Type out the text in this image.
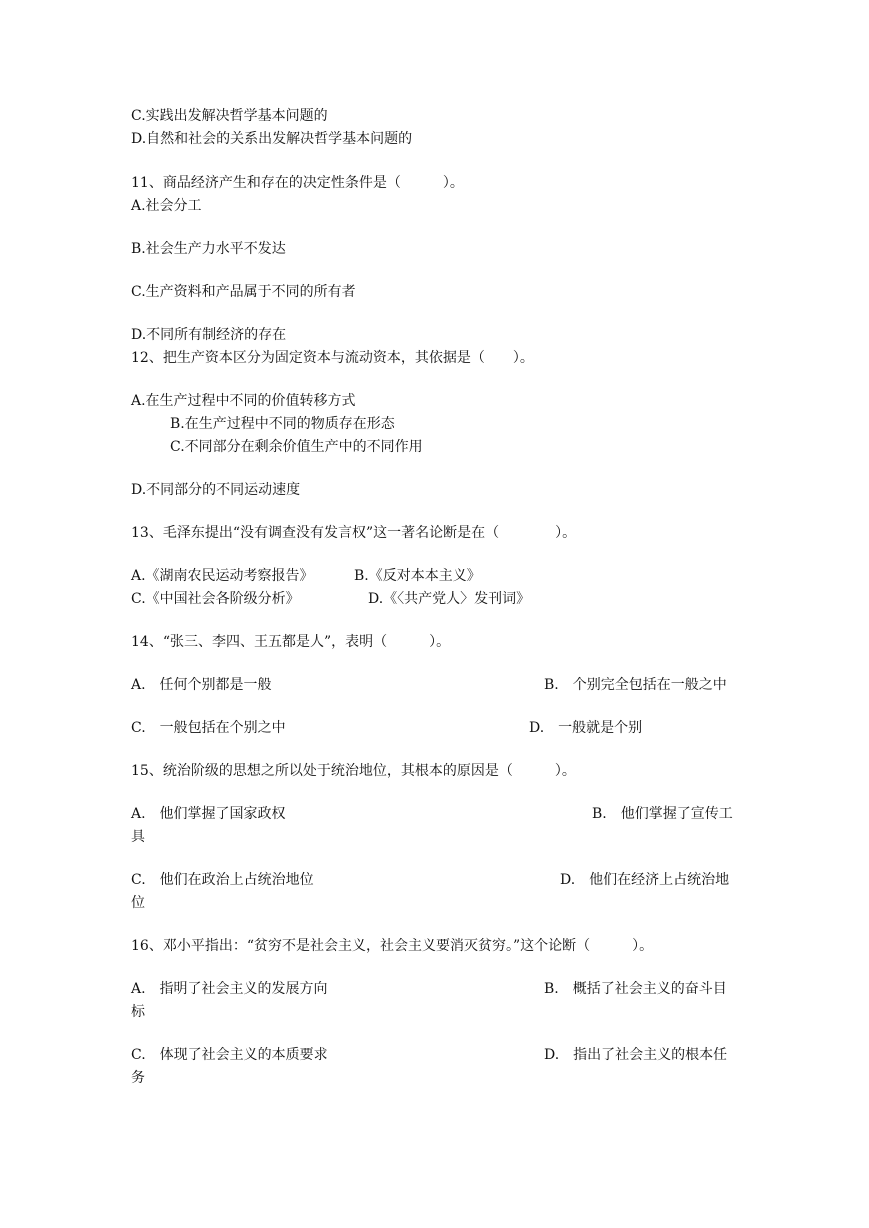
C.实践出发解决哲学基本问题的
D.自然和社会的关系出发解决哲学基本问题的
11、商品经济产生和存在的决定性条件是（　　　）。
A.社会分工
B.社会生产力水平不发达
C.生产资料和产品属于不同的所有者
D.不同所有制经济的存在
12、把生产资本区分为固定资本与流动资本，其依据是（　　）。
A.在生产过程中不同的价值转移方式
B.在生产过程中不同的物质存在形态
C.不同部分在剩余价值生产中的不同作用
D.不同部分的不同运动速度
13、毛泽东提出“没有调查没有发言权”这一著名论断是在（　　　　）。
A.《湖南农民运动考察报告》	B.《反对本本主义》
C.《中国社会各阶级分析》	D.《〈共产党人〉发刊词》
14、“张三、李四、王五都是人”，表明（　　　）。
A.　任何个别都是一般	B.　个别完全包括在一般之中
C.　一般包括在个别之中	D.　一般就是个别
15、统治阶级的思想之所以处于统治地位，其根本的原因是（　　　）。
A.　他们掌握了国家政权	B.　他们掌握了宣传工
具
C.　他们在政治上占统治地位	D.　他们在经济上占统治地
位
16、邓小平指出：“贫穷不是社会主义，社会主义要消灭贫穷。”这个论断（　　　）。
A.　指明了社会主义的发展方向	B.　概括了社会主义的奋斗目
标
C.　体现了社会主义的本质要求	D.　指出了社会主义的根本任
务
